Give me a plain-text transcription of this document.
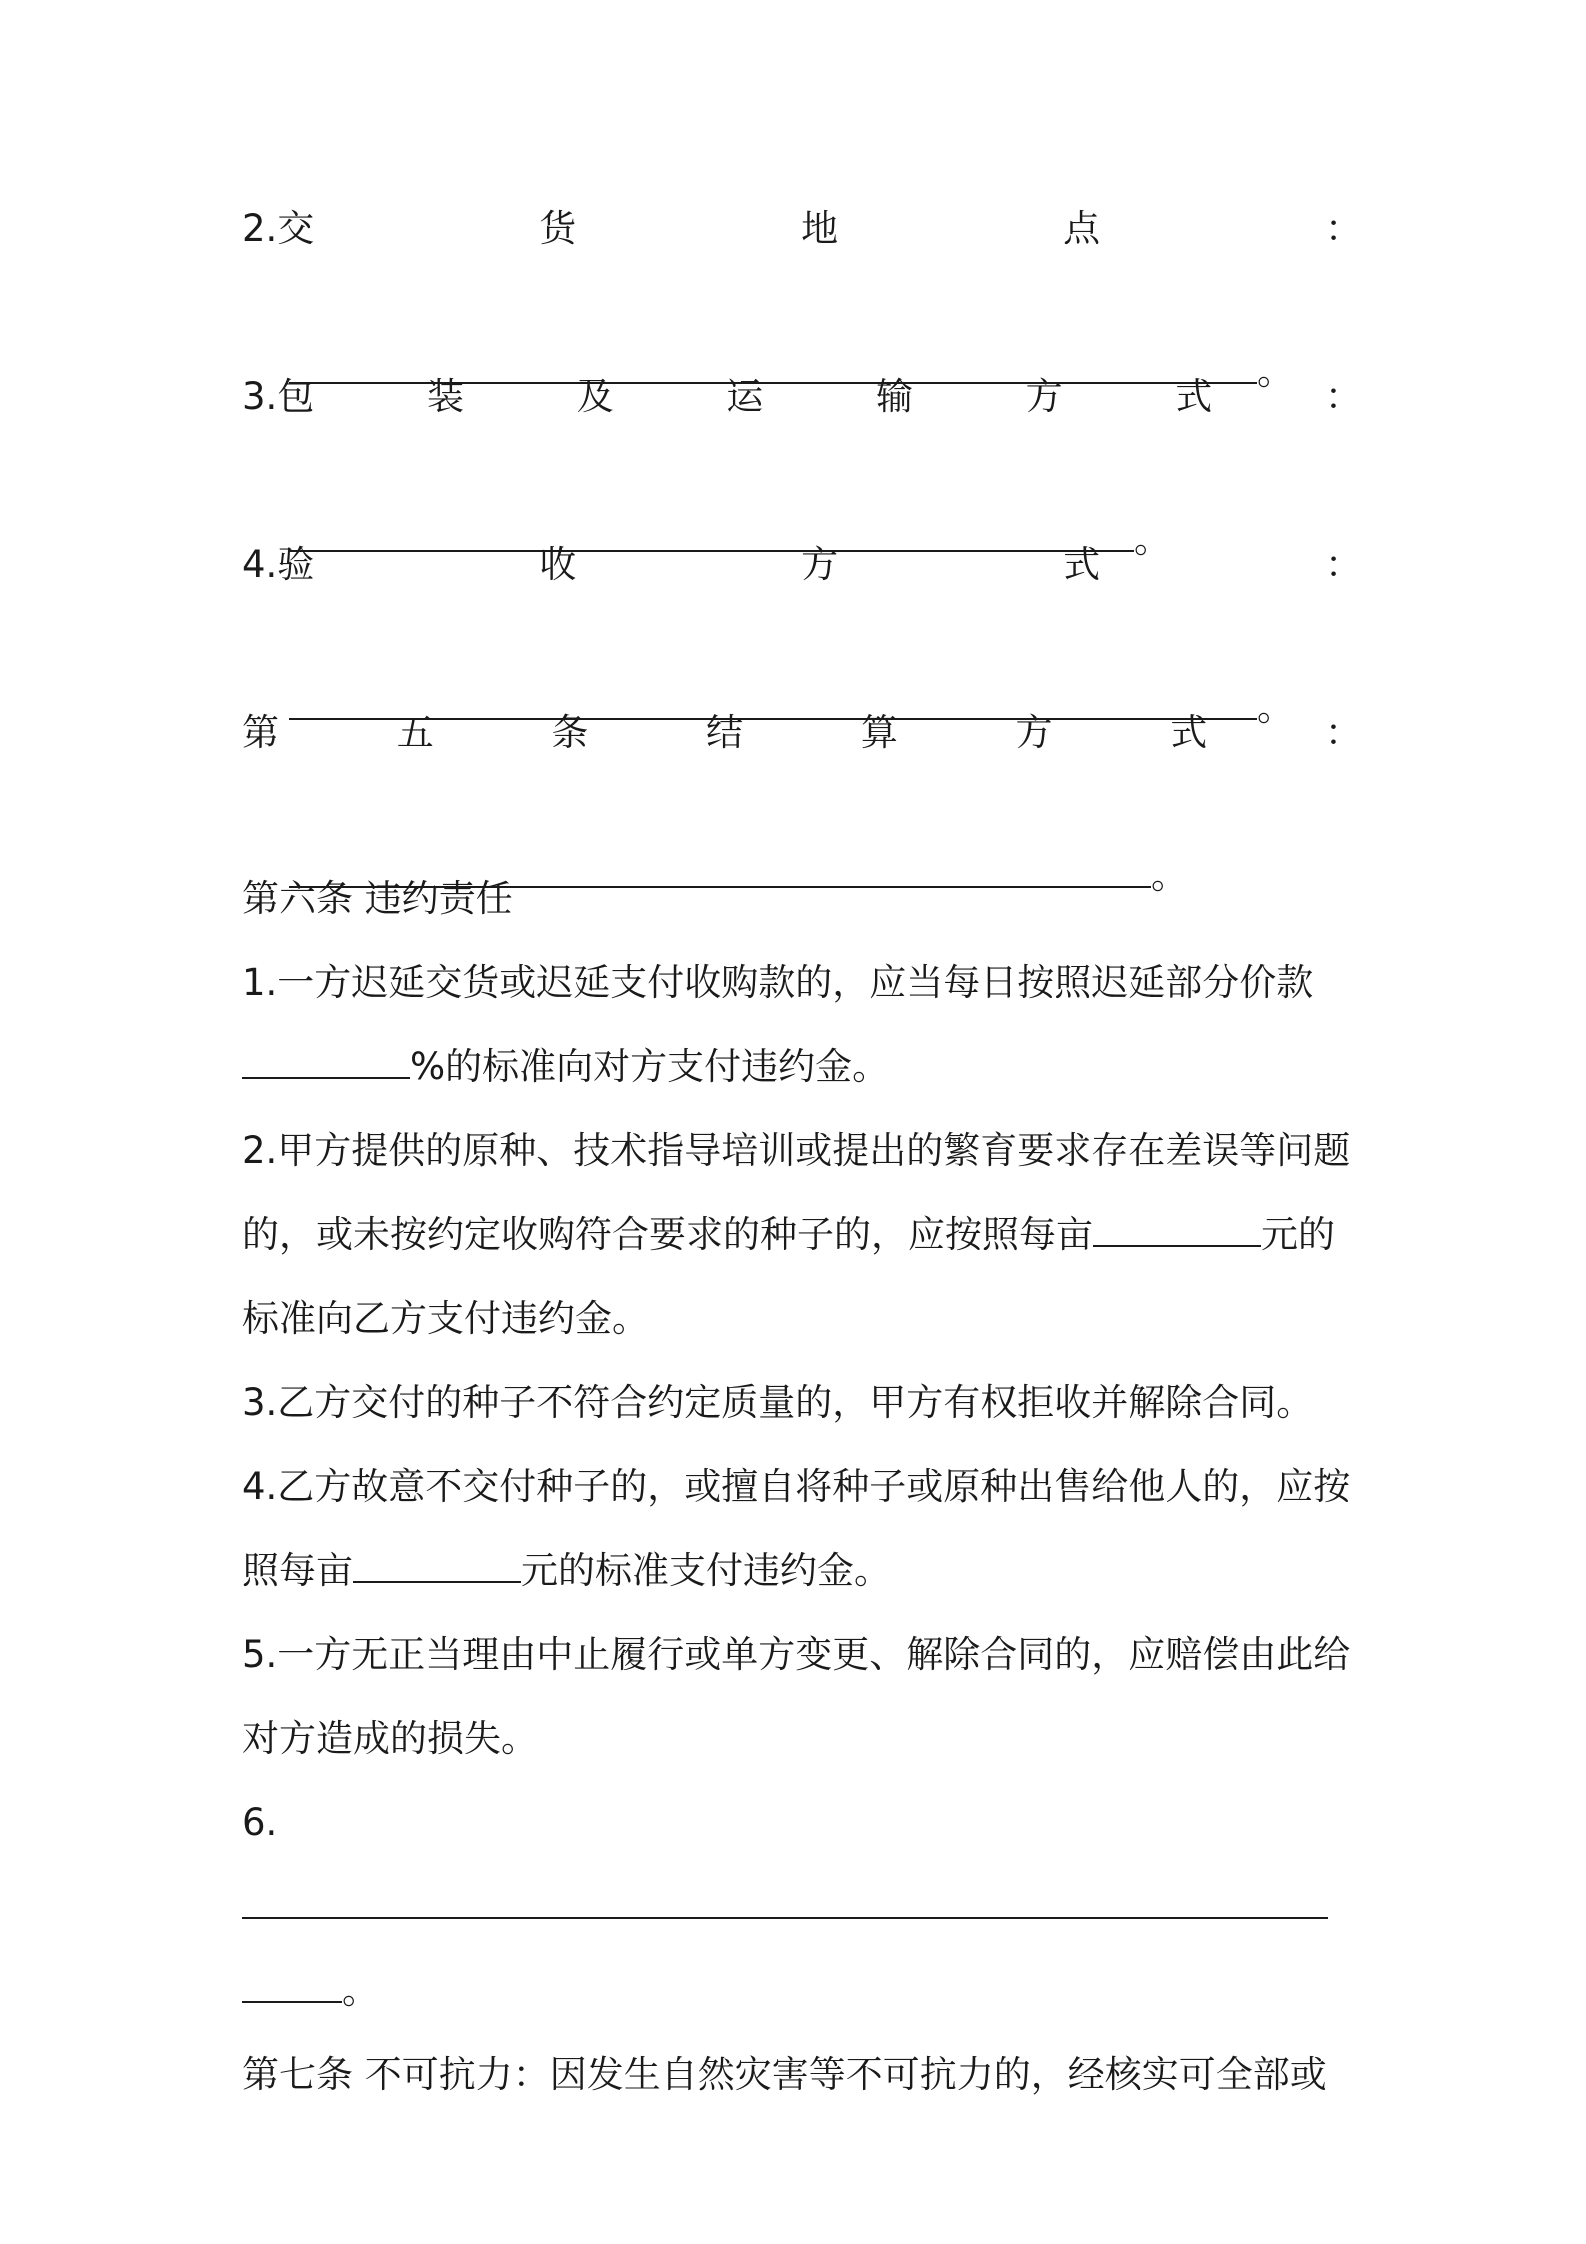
2.交	货	地	点	：

。

3.包	装	及	运	输	方	式	：

。

4.验	收	方	式	：

。

第	五	条	结	算	方	式	：

。

第六条 违约责任

1.一方迟延交货或迟延支付收购款的，应当每日按照迟延部分价款

%的标准向对方支付违约金。

2.甲方提供的原种、技术指导培训或提出的繁育要求存在差误等问题

的，或未按约定收购符合要求的种子的，应按照每亩	元的

标准向乙方支付违约金。

3.乙方交付的种子不符合约定质量的，甲方有权拒收并解除合同。

4.乙方故意不交付种子的，或擅自将种子或原种出售给他人的，应按

照每亩	元的标准支付违约金。

5.一方无正当理由中止履行或单方变更、解除合同的，应赔偿由此给

对方造成的损失。

6.

。

第七条 不可抗力：因发生自然灾害等不可抗力的，经核实可全部或
